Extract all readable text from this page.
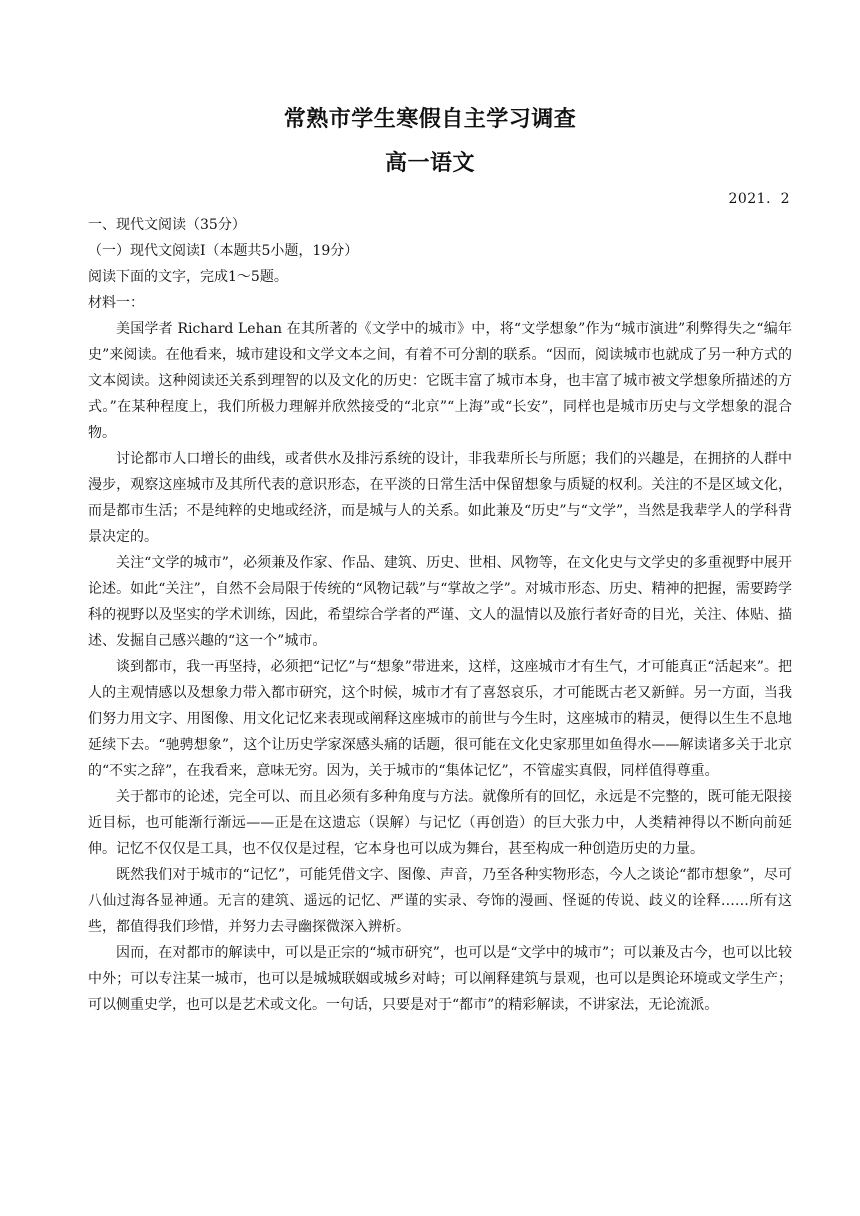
常熟市学生寒假自主学习调查
高一语文
2021．2

一、现代文阅读（35分）

（一）现代文阅读Ⅰ（本题共5小题，19分）

阅读下面的文字，完成1～5题。

材料一：

美国学者 Richard Lehan 在其所著的《文学中的城市》中，将“文学想象”作为“城市演进”利弊得失之“编年史”来阅读。在他看来，城市建设和文学文本之间，有着不可分割的联系。“因而，阅读城市也就成了另一种方式的文本阅读。这种阅读还关系到理智的以及文化的历史：它既丰富了城市本身，也丰富了城市被文学想象所描述的方式。”在某种程度上，我们所极力理解并欣然接受的“北京”“上海”或“长安”，同样也是城市历史与文学想象的混合物。

讨论都市人口增长的曲线，或者供水及排污系统的设计，非我辈所长与所愿；我们的兴趣是，在拥挤的人群中漫步，观察这座城市及其所代表的意识形态，在平淡的日常生活中保留想象与质疑的权利。关注的不是区域文化，而是都市生活；不是纯粹的史地或经济，而是城与人的关系。如此兼及“历史”与“文学”，当然是我辈学人的学科背景决定的。

关注“文学的城市”，必须兼及作家、作品、建筑、历史、世相、风物等，在文化史与文学史的多重视野中展开论述。如此“关注”，自然不会局限于传统的“风物记载”与“掌故之学”。对城市形态、历史、精神的把握，需要跨学科的视野以及坚实的学术训练，因此，希望综合学者的严谨、文人的温情以及旅行者好奇的目光，关注、体贴、描述、发掘自己感兴趣的“这一个”城市。

谈到都市，我一再坚持，必须把“记忆”与“想象”带进来，这样，这座城市才有生气，才可能真正“活起来”。把人的主观情感以及想象力带入都市研究，这个时候，城市才有了喜怒哀乐，才可能既古老又新鲜。另一方面，当我们努力用文字、用图像、用文化记忆来表现或阐释这座城市的前世与今生时，这座城市的精灵，便得以生生不息地延续下去。“驰骋想象”，这个让历史学家深感头痛的话题，很可能在文化史家那里如鱼得水——解读诸多关于北京的“不实之辞”，在我看来，意味无穷。因为，关于城市的“集体记忆”，不管虚实真假，同样值得尊重。

关于都市的论述，完全可以、而且必须有多种角度与方法。就像所有的回忆，永远是不完整的，既可能无限接近目标，也可能渐行渐远——正是在这遗忘（误解）与记忆（再创造）的巨大张力中，人类精神得以不断向前延伸。记忆不仅仅是工具，也不仅仅是过程，它本身也可以成为舞台，甚至构成一种创造历史的力量。

既然我们对于城市的“记忆”，可能凭借文字、图像、声音，乃至各种实物形态，今人之谈论“都市想象”，尽可八仙过海各显神通。无言的建筑、遥远的记忆、严谨的实录、夸饰的漫画、怪诞的传说、歧义的诠释……所有这些，都值得我们珍惜，并努力去寻幽探微深入辨析。

因而，在对都市的解读中，可以是正宗的“城市研究”，也可以是“文学中的城市”；可以兼及古今，也可以比较中外；可以专注某一城市，也可以是城城联姻或城乡对峙；可以阐释建筑与景观，也可以是舆论环境或文学生产；可以侧重史学，也可以是艺术或文化。一句话，只要是对于“都市”的精彩解读，不讲家法，无论流派。
